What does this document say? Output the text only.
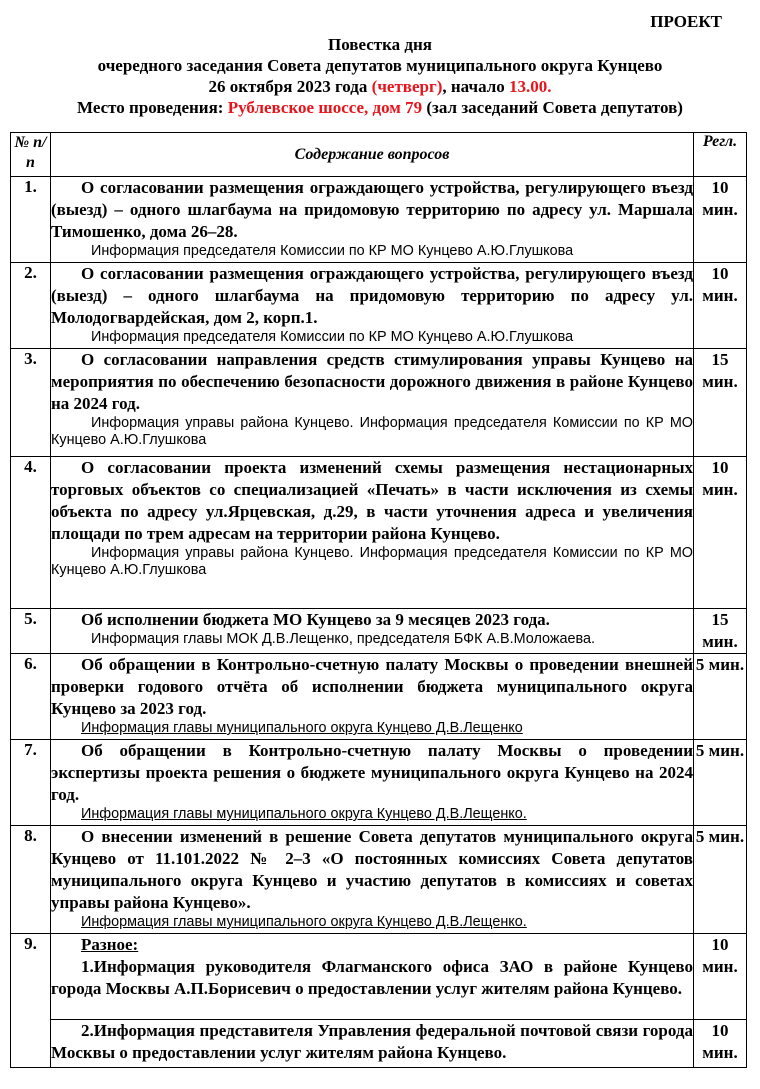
ПРОЕКТ
Повестка дня
очередного заседания Совета депутатов муниципального округа Кунцево
26 октября 2023 года (четверг), начало 13.00.
Место проведения: Рублевское шоссе, дом 79 (зал заседаний Совета депутатов)
№ п/п	Содержание вопросов	Регл.
1.	О согласовании размещения ограждающего устройства, регулирующего въезд (выезд) – одного шлагбаума на придомовую территорию по адресу ул. Маршала Тимошенко, дома 26–28.

Информация председателя Комиссии по КР МО Кунцево А.Ю.Глушкова	10 мин.
2.	О согласовании размещения ограждающего устройства, регулирующего въезд (выезд) – одного шлагбаума на придомовую территорию по адресу ул. Молодогвардейская, дом 2, корп.1.

Информация председателя Комиссии по КР МО Кунцево А.Ю.Глушкова	10 мин.
3.	О согласовании направления средств стимулирования управы Кунцево на мероприятия по обеспечению безопасности дорожного движения в районе Кунцево на 2024 год.

Информация управы района Кунцево. Информация председателя Комиссии по КР МО Кунцево А.Ю.Глушкова	15 мин.
4.	О согласовании проекта изменений схемы размещения нестационарных торговых объектов со специализацией «Печать» в части исключения из схемы объекта по адресу ул.Ярцевская, д.29, в части уточнения адреса и увеличения площади по трем адресам на территории района Кунцево.

Информация управы района Кунцево. Информация председателя Комиссии по КР МО Кунцево А.Ю.Глушкова	10 мин.
5.	Об исполнении бюджета МО Кунцево за 9 месяцев 2023 года.

Информация главы МОК Д.В.Лещенко, председателя БФК А.В.Моложаева.	15 мин.
6.	Об обращении в Контрольно-счетную палату Москвы о проведении внешней проверки годового отчёта об исполнении бюджета муниципального округа Кунцево за 2023 год.

Информация главы муниципального округа Кунцево Д.В.Лещенко	5 мин.
7.	Об обращении в Контрольно-счетную палату Москвы о проведении экспертизы проекта решения о бюджете муниципального округа Кунцево на 2024 год.

Информация главы муниципального округа Кунцево Д.В.Лещенко.	5 мин.
8.	О внесении изменений в решение Совета депутатов муниципального округа Кунцево от 11.101.2022 № 2–3 «О постоянных комиссиях Совета депутатов муниципального округа Кунцево и участию депутатов в комиссиях и советах управы района Кунцево».

Информация главы муниципального округа Кунцево Д.В.Лещенко.	5 мин.
9.	Разное:

1.Информация руководителя Флагманского офиса ЗАО в районе Кунцево города Москвы А.П.Борисевич о предоставлении услуг жителям района Кунцево.	10 мин.

	2.Информация представителя Управления федеральной почтовой связи города Москвы о предоставлении услуг жителям района Кунцево.	10 мин.
